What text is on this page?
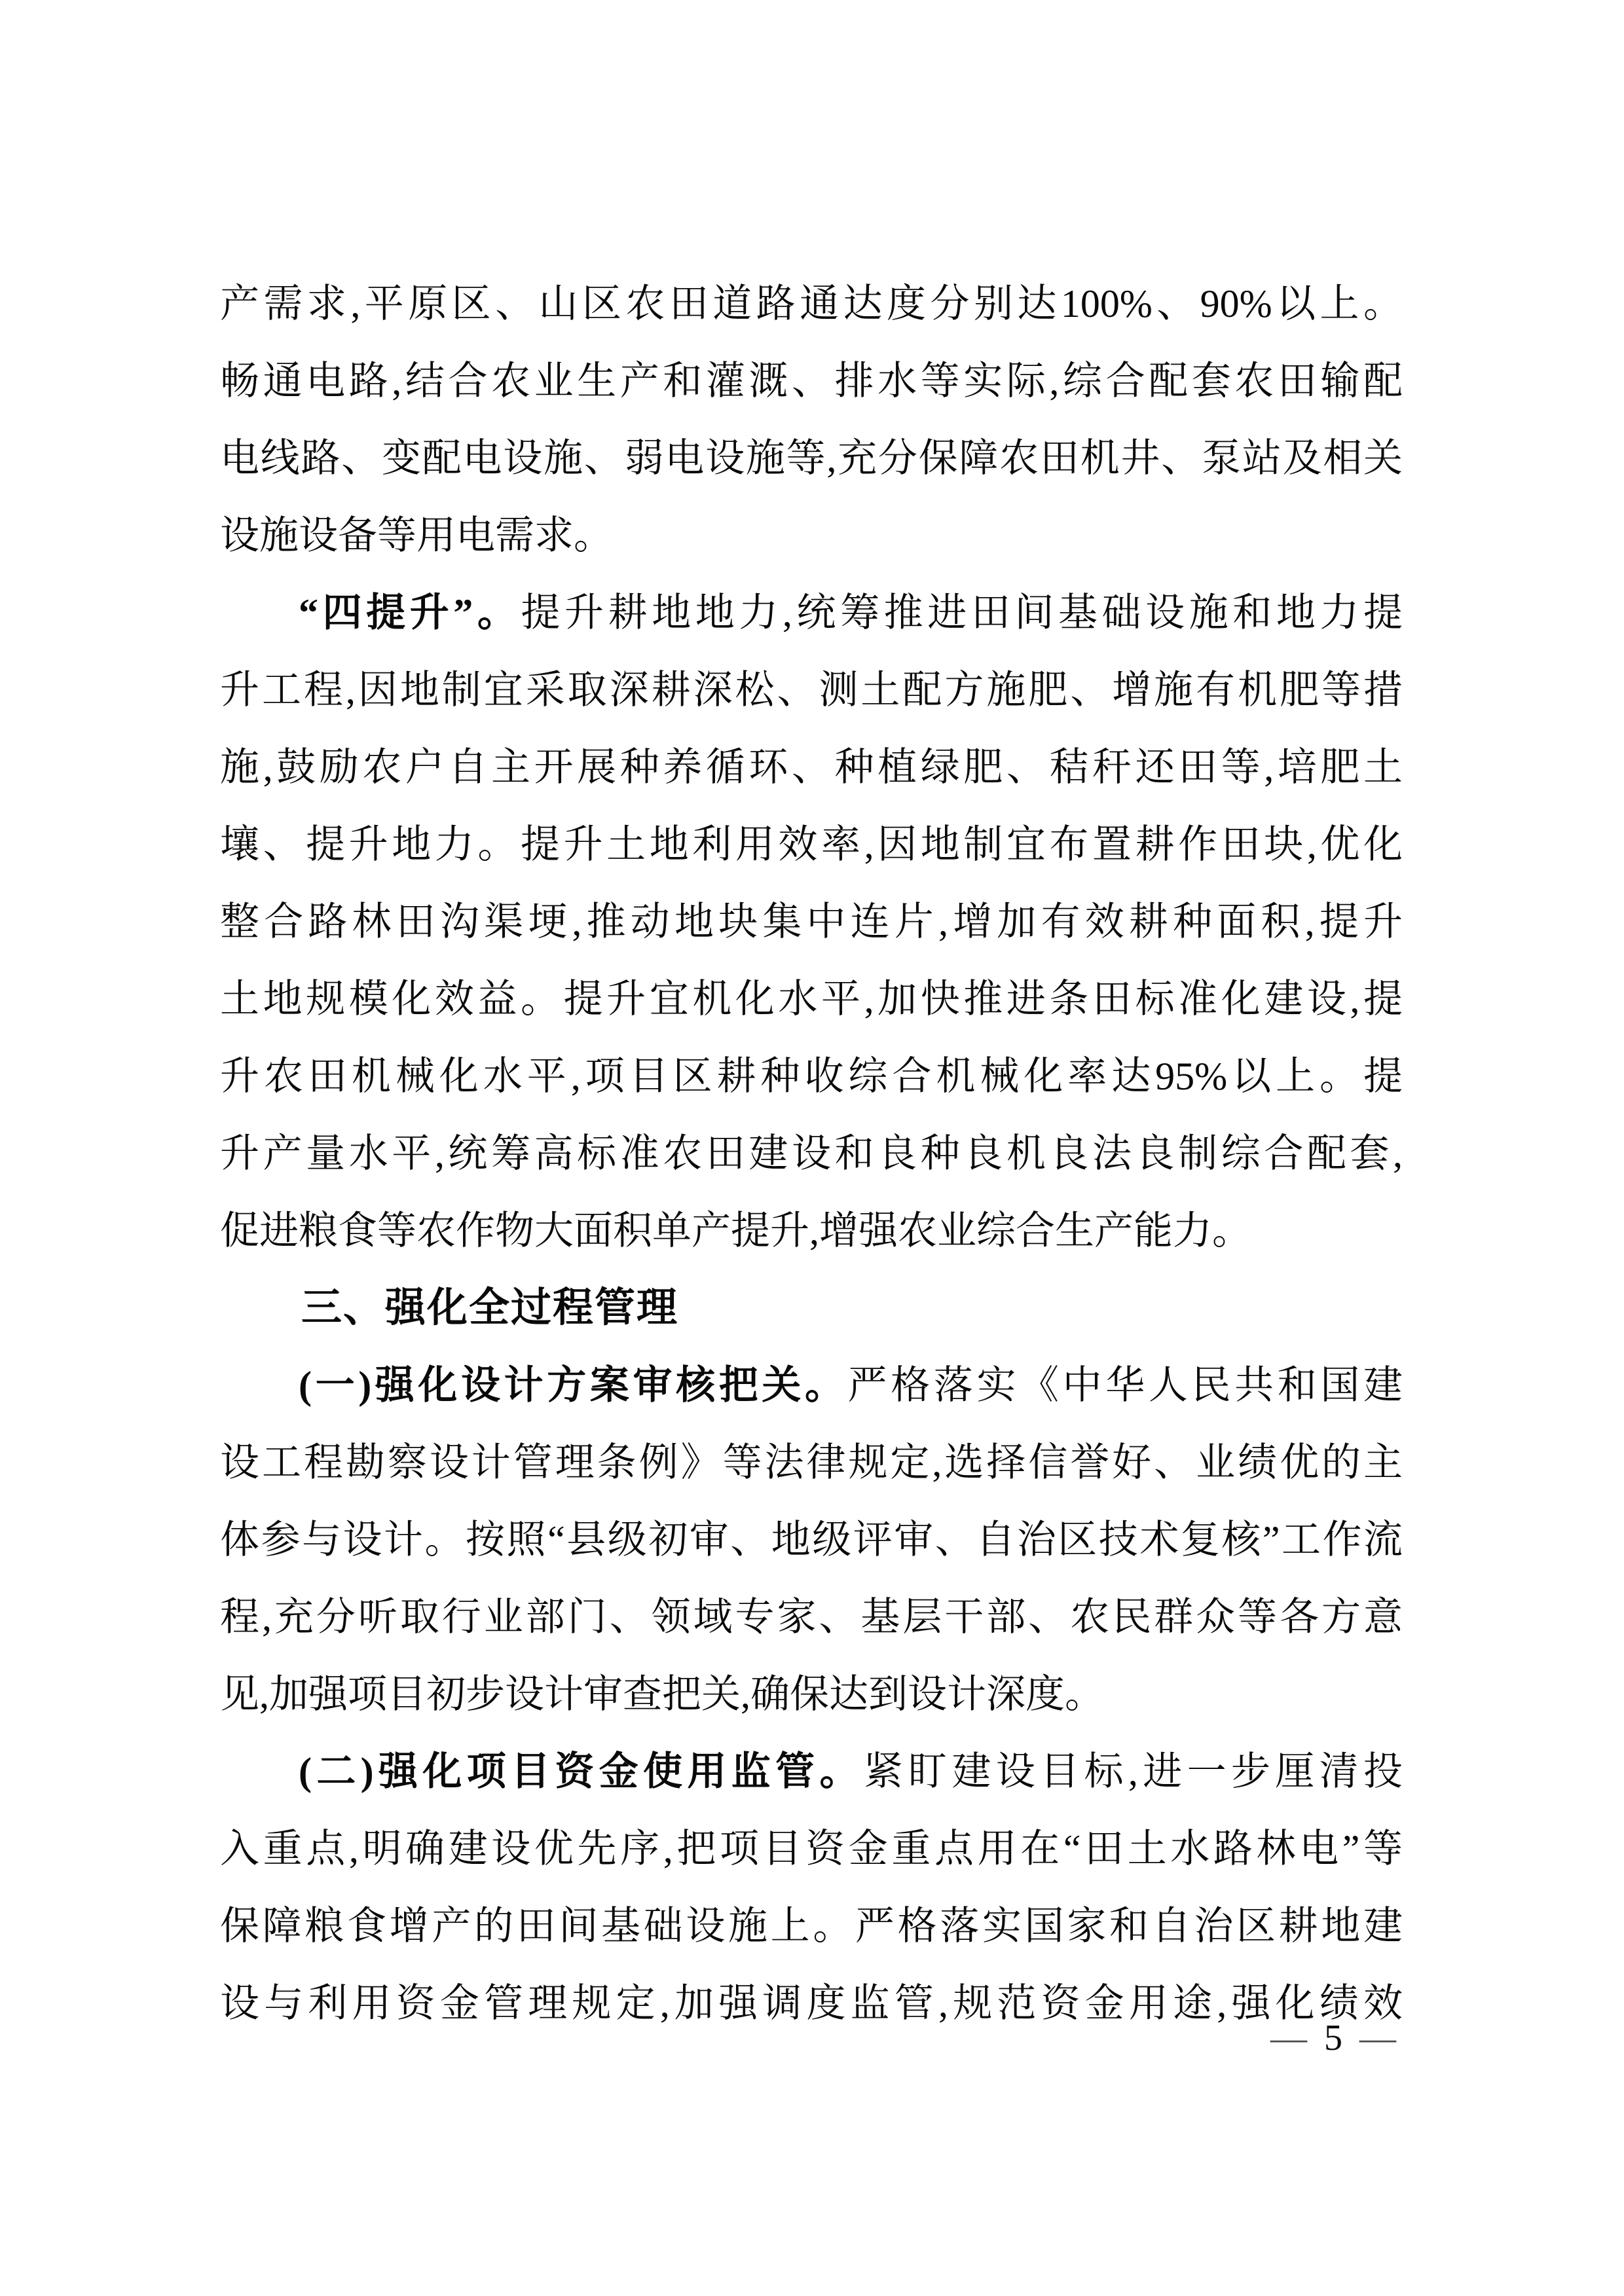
产需求,平原区、山区农田道路通达度分别达100%、90%以上。
畅通电路,结合农业生产和灌溉、排水等实际,综合配套农田输配
电线路、变配电设施、弱电设施等,充分保障农田机井、泵站及相关
设施设备等用电需求。
“四提升”。提升耕地地力,统筹推进田间基础设施和地力提
升工程,因地制宜采取深耕深松、测土配方施肥、增施有机肥等措
施,鼓励农户自主开展种养循环、种植绿肥、秸秆还田等,培肥土
壤、提升地力。提升土地利用效率,因地制宜布置耕作田块,优化
整合路林田沟渠埂,推动地块集中连片,增加有效耕种面积,提升
土地规模化效益。提升宜机化水平,加快推进条田标准化建设,提
升农田机械化水平,项目区耕种收综合机械化率达95%以上。提
升产量水平,统筹高标准农田建设和良种良机良法良制综合配套,
促进粮食等农作物大面积单产提升,增强农业综合生产能力。
三、强化全过程管理
(一)强化设计方案审核把关。严格落实《中华人民共和国建
设工程勘察设计管理条例》等法律规定,选择信誉好、业绩优的主
体参与设计。按照“县级初审、地级评审、自治区技术复核”工作流
程,充分听取行业部门、领域专家、基层干部、农民群众等各方意
见,加强项目初步设计审查把关,确保达到设计深度。
(二)强化项目资金使用监管。紧盯建设目标,进一步厘清投
入重点,明确建设优先序,把项目资金重点用在“田土水路林电”等
保障粮食增产的田间基础设施上。严格落实国家和自治区耕地建
设与利用资金管理规定,加强调度监管,规范资金用途,强化绩效
— 5 —
